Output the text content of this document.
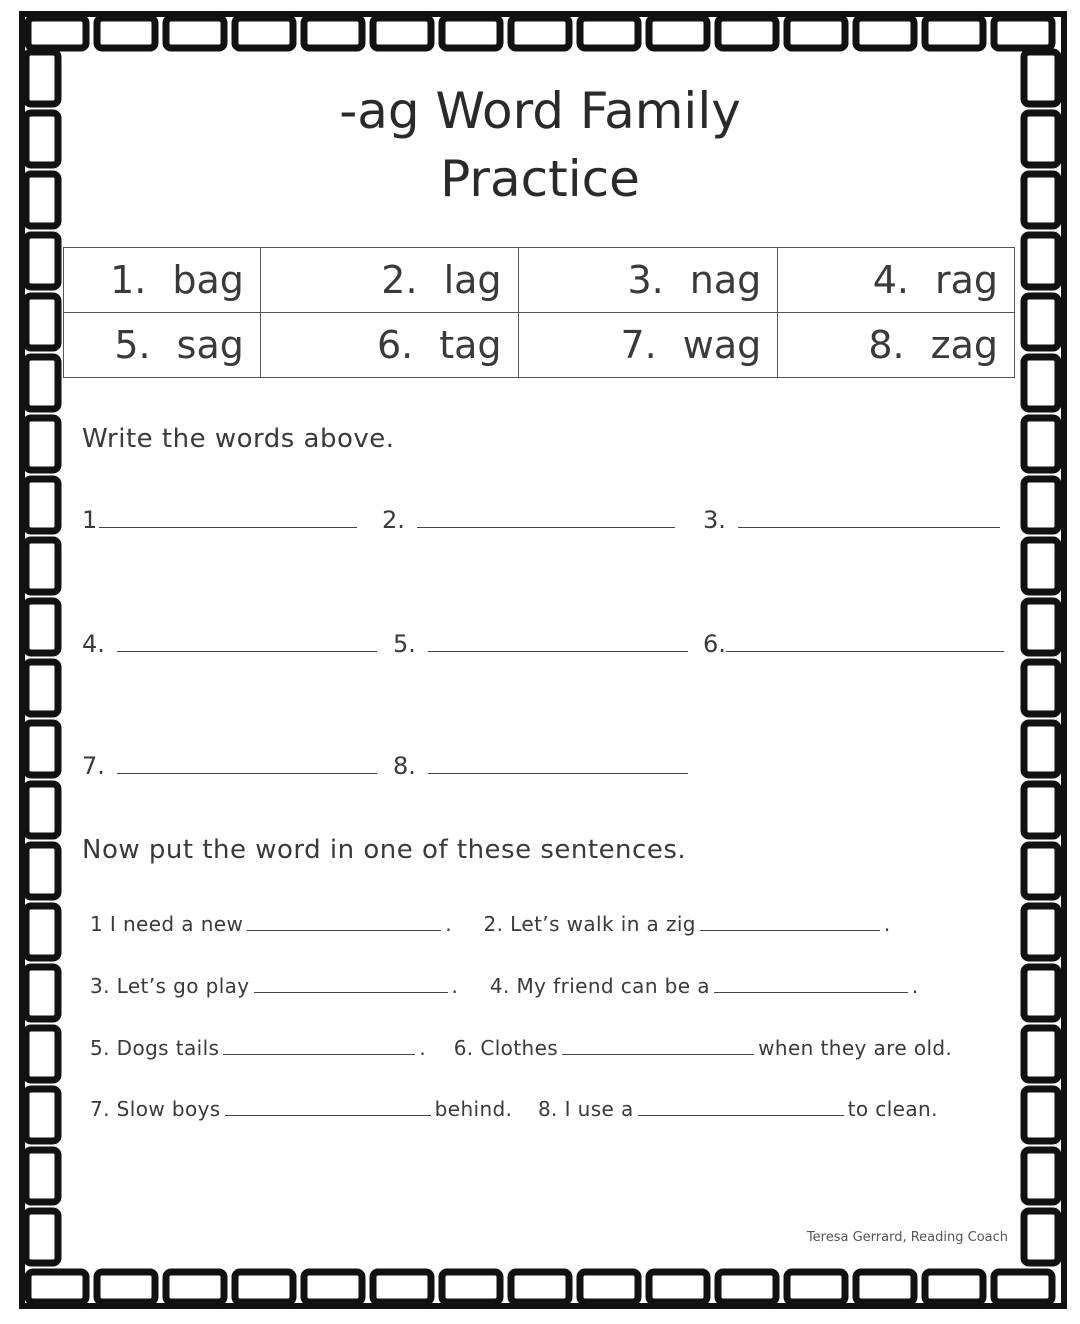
-ag Word Family
Practice
1. bag	2. lag	3. nag	4. rag
5. sag	6. tag	7. wag	8. zag
Write the words above.
1	2.	3.
4.	5.	6.
7.	8.
Now put the word in one of these sentences.
1 I need a new	. 2. Let’s walk in a zig	.
3. Let’s go play	. 4. My friend can be a	.
5. Dogs tails	. 6. Clothes	when they are old.
7. Slow boys	behind. 8. I use a	to clean.
Teresa Gerrard, Reading Coach
